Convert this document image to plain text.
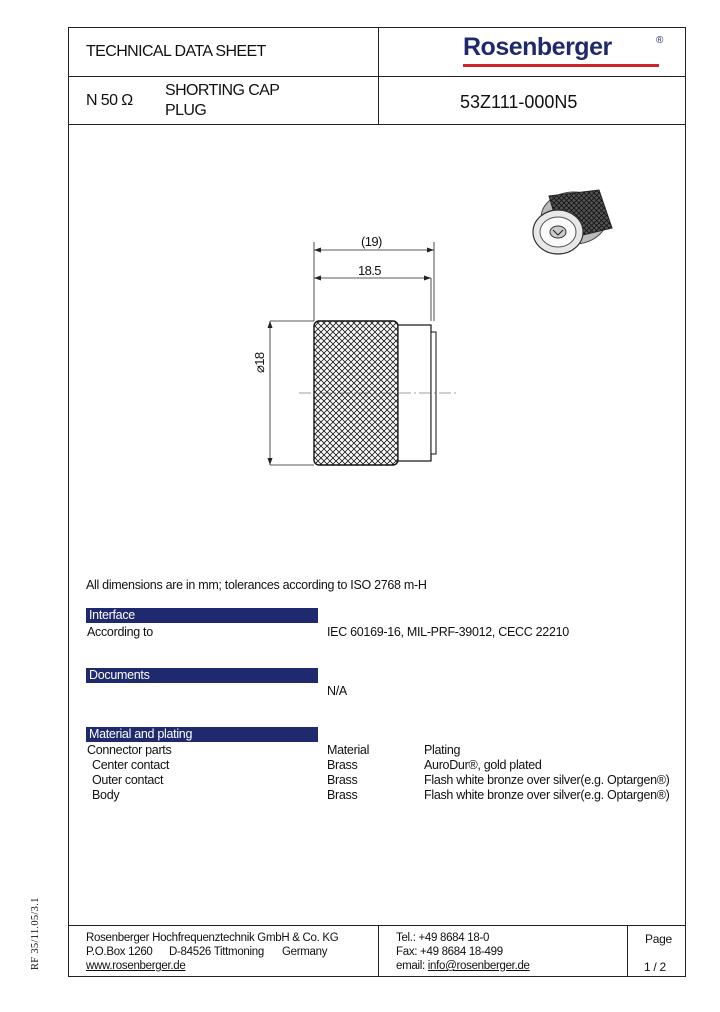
TECHNICAL DATA SHEET	Rosenberger	®
N 50 Ω
SHORTING CAP
PLUG	53Z111-000N5
(19)
18.5
⌀18
All dimensions are in mm; tolerances according to ISO 2768 m-H
Interface
According to	IEC 60169-16, MIL-PRF-39012, CECC 22210
Documents
N/A
Material and plating
Connector parts	Material	Plating
Center contact	Brass	AuroDur®, gold plated
Outer contact	Brass	Flash white bronze over silver(e.g. Optargen®)
Body	Brass	Flash white bronze over silver(e.g. Optargen®)
Rosenberger Hochfrequenztechnik GmbH & Co. KG
P.O.Box 1260 D-84526 Tittmoning Germany
www.rosenberger.de
Tel.: +49 8684 18-0
Fax: +49 8684 18-499
email: info@rosenberger.de
Page
1 / 2
RF 35/11.05/3.1
